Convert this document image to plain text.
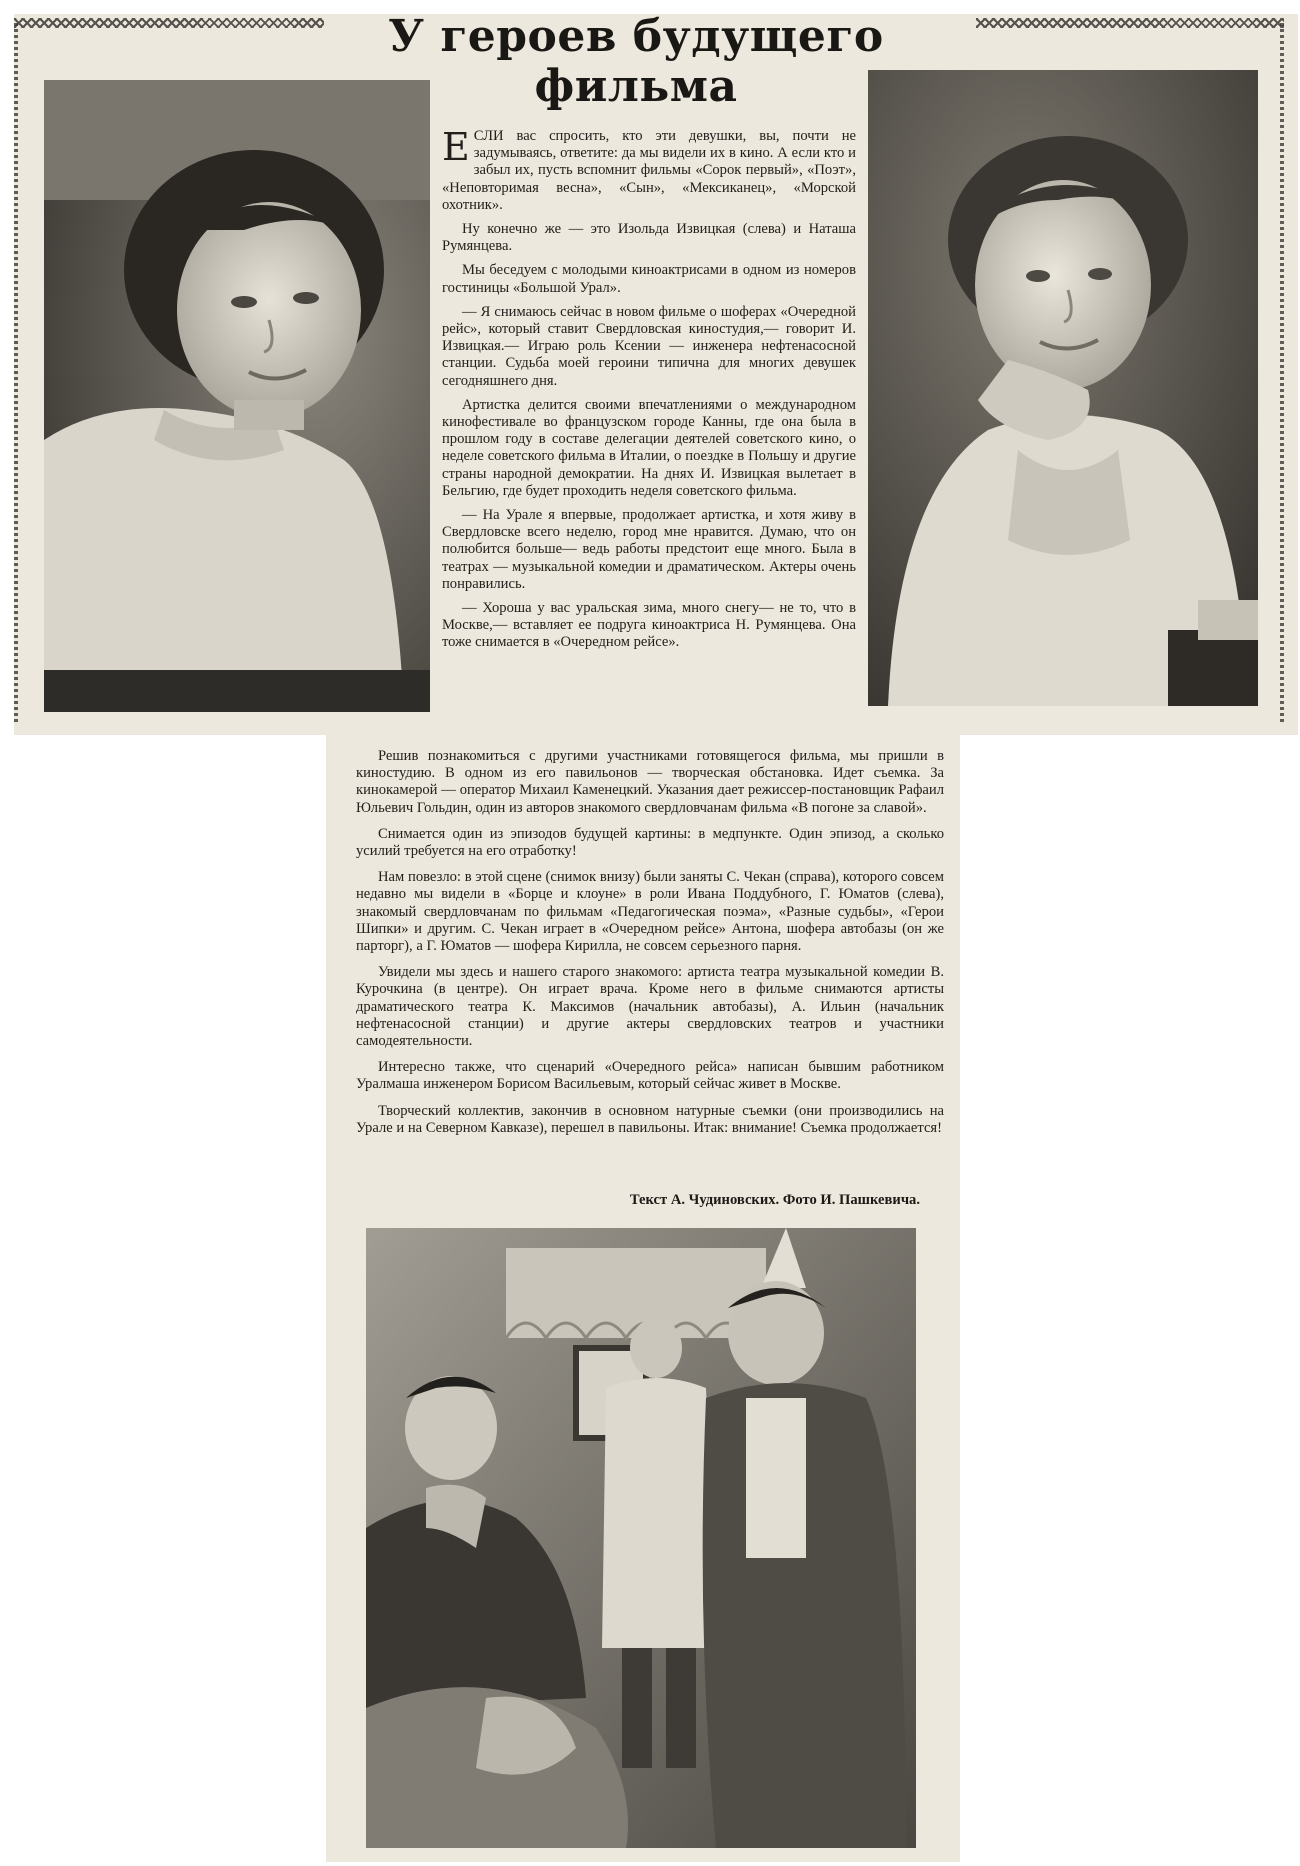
У героев будущего
фильма

ЕСЛИ вас спросить, кто эти девушки, вы, почти не задумываясь, ответите: да мы видели их в кино. А если кто и забыл их, пусть вспомнит фильмы «Сорок первый», «Поэт», «Неповторимая весна», «Сын», «Мексиканец», «Морской охотник».

Ну конечно же — это Изольда Извицкая (слева) и Наташа Румянцева.

Мы беседуем с молодыми киноактрисами в одном из номеров гостиницы «Большой Урал».

— Я снимаюсь сейчас в новом фильме о шоферах «Очередной рейс», который ставит Свердловская киностудия,— говорит И. Извицкая.— Играю роль Ксении — инженера нефтенасосной станции. Судьба моей героини типична для многих девушек сегодняшнего дня.

Артистка делится своими впечатлениями о международном кинофестивале во французском городе Канны, где она была в прошлом году в составе делегации деятелей советского кино, о неделе советского фильма в Италии, о поездке в Польшу и другие страны народной демократии. На днях И. Извицкая вылетает в Бельгию, где будет проходить неделя советского фильма.

— На Урале я впервые, продолжает артистка, и хотя живу в Свердловске всего неделю, город мне нравится. Думаю, что он полюбится больше— ведь работы предстоит еще много. Была в театрах — музыкальной комедии и драматическом. Актеры очень понравились.

— Хороша у вас уральская зима, много снегу— не то, что в Москве,— вставляет ее подруга киноактриса Н. Румянцева. Она тоже снимается в «Очередном рейсе».

Решив познакомиться с другими участниками готовящегося фильма, мы пришли в киностудию. В одном из его павильонов — творческая обстановка. Идет съемка. За кинокамерой — оператор Михаил Каменецкий. Указания дает режиссер-постановщик Рафаил Юльевич Гольдин, один из авторов знакомого свердловчанам фильма «В погоне за славой».

Снимается один из эпизодов будущей картины: в медпункте. Один эпизод, а сколько усилий требуется на его отработку!

Нам повезло: в этой сцене (снимок внизу) были заняты С. Чекан (справа), которого совсем недавно мы видели в «Борце и клоуне» в роли Ивана Поддубного, Г. Юматов (слева), знакомый свердловчанам по фильмам «Педагогическая поэма», «Разные судьбы», «Герои Шипки» и другим. С. Чекан играет в «Очередном рейсе» Антона, шофера автобазы (он же парторг), а Г. Юматов — шофера Кирилла, не совсем серьезного парня.

Увидели мы здесь и нашего старого знакомого: артиста театра музыкальной комедии В. Курочкина (в центре). Он играет врача. Кроме него в фильме снимаются артисты драматического театра К. Максимов (начальник автобазы), А. Ильин (начальник нефтенасосной станции) и другие актеры свердловских театров и участники самодеятельности.

Интересно также, что сценарий «Очередного рейса» написан бывшим работником Уралмаша инженером Борисом Васильевым, который сейчас живет в Москве.

Творческий коллектив, закончив в основном натурные съемки (они производились на Урале и на Северном Кавказе), перешел в павильоны. Итак: внимание! Съемка продолжается!

Текст А. Чудиновских. Фото И. Пашкевича.
